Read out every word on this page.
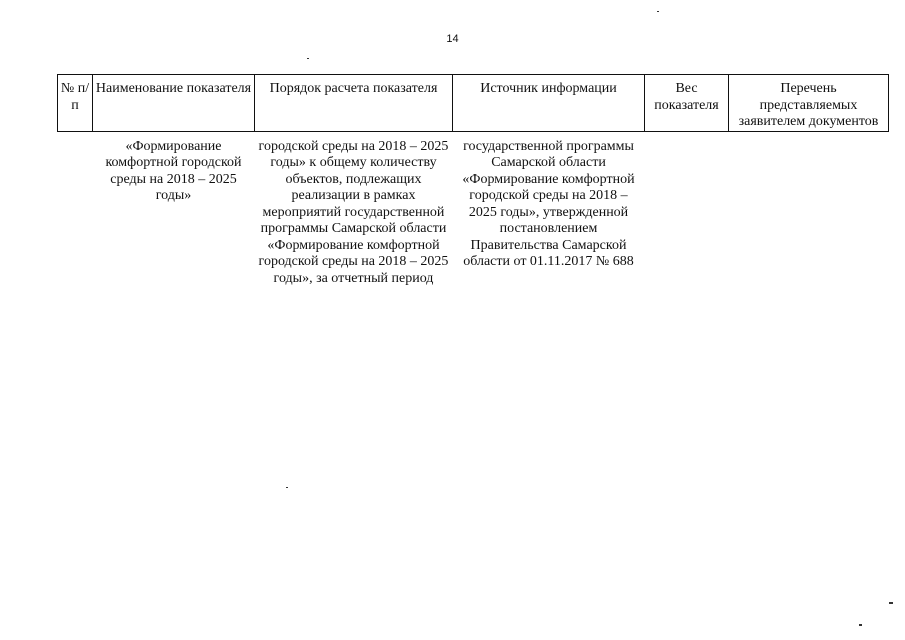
14
№ п/п	Наименование показателя	Порядок расчета показателя	Источник информации	Вес показателя	Перечень представляемых заявителем документов
	«Формирование комфортной городской среды на 2018 – 2025 годы»	городской среды на 2018 – 2025 годы» к общему количеству объектов, подлежащих реализации в рамках мероприятий государственной программы Самарской области «Формирование комфортной городской среды на 2018 – 2025 годы», за отчетный период	государственной программы Самарской области «Формирование комфортной городской среды на 2018 – 2025 годы», утвержденной постановлением Правительства Самарской области от 01.11.2017 № 688		
